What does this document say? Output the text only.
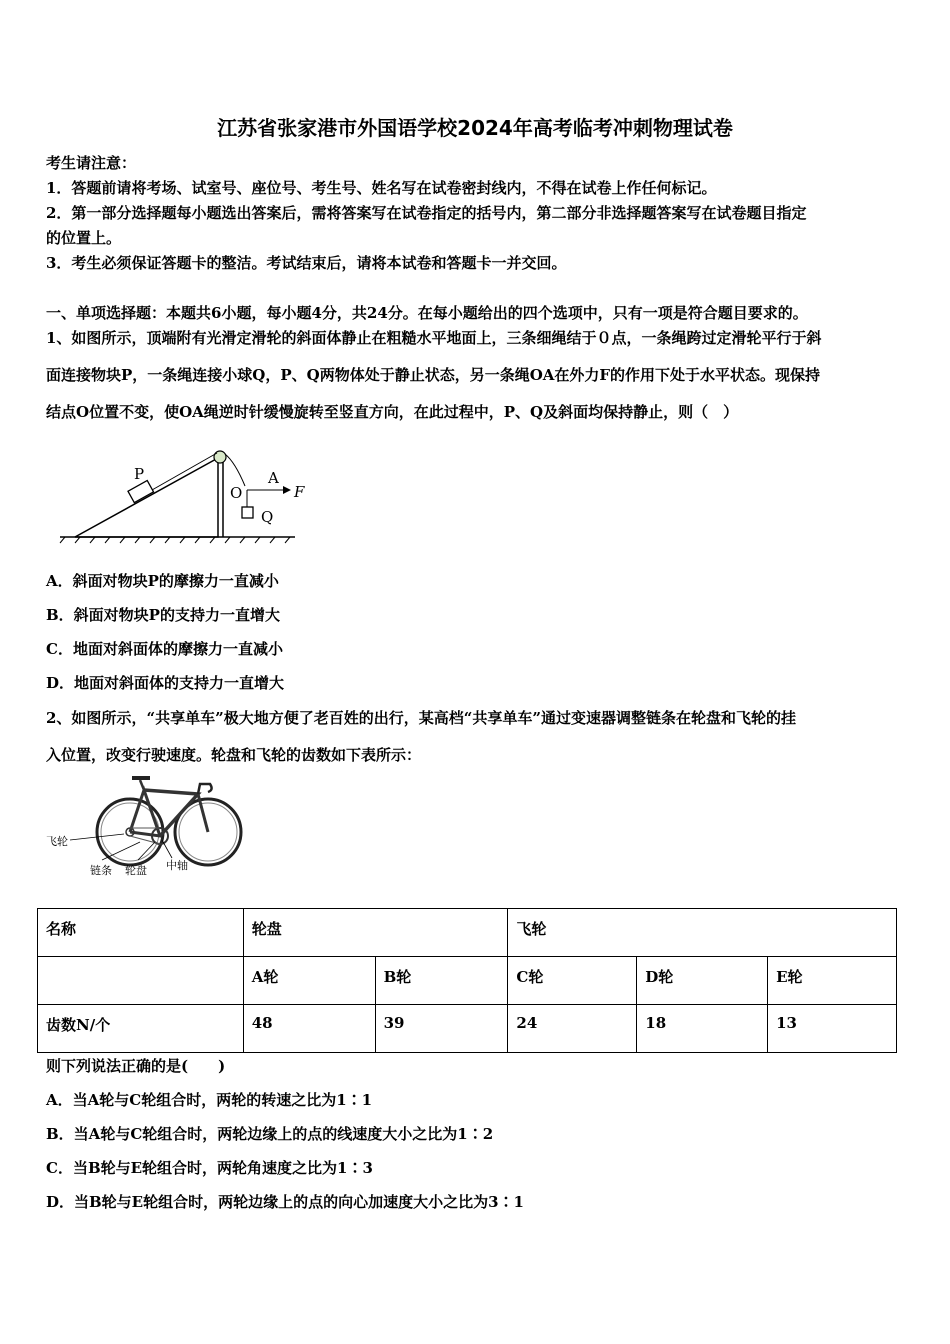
江苏省张家港市外国语学校2024年高考临考冲刺物理试卷
考生请注意：
1．答题前请将考场、试室号、座位号、考生号、姓名写在试卷密封线内，不得在试卷上作任何标记。
2．第一部分选择题每小题选出答案后，需将答案写在试卷指定的括号内，第二部分非选择题答案写在试卷题目指定
的位置上。
3．考生必须保证答题卡的整洁。考试结束后，请将本试卷和答题卡一并交回。
一、单项选择题：本题共6小题，每小题4分，共24分。在每小题给出的四个选项中，只有一项是符合题目要求的。
1、如图所示，顶端附有光滑定滑轮的斜面体静止在粗糙水平地面上，三条细绳结于０点，一条绳跨过定滑轮平行于斜
面连接物块P，一条绳连接小球Q，P、Q两物体处于静止状态，另一条绳OA在外力F的作用下处于水平状态。现保持
结点O位置不变，使OA绳逆时针缓慢旋转至竖直方向，在此过程中，P、Q及斜面均保持静止，则（　）
P
O
A
F
Q
A．斜面对物块P的摩擦力一直减小
B．斜面对物块P的支持力一直增大
C．地面对斜面体的摩擦力一直减小
D．地面对斜面体的支持力一直增大
2、如图所示，“共享单车”极大地方便了老百姓的出行，某高档“共享单车”通过变速器调整链条在轮盘和飞轮的挂
入位置，改变行驶速度。轮盘和飞轮的齿数如下表所示：
飞轮
链条 轮盘 中轴
名称	轮盘		飞轮		
	A轮	B轮	C轮	D轮	E轮
齿数N/个	48	39	24	18	13
则下列说法正确的是(　　)
A．当A轮与C轮组合时，两轮的转速之比为1∶1
B．当A轮与C轮组合时，两轮边缘上的点的线速度大小之比为1∶2
C．当B轮与E轮组合时，两轮角速度之比为1∶3
D．当B轮与E轮组合时，两轮边缘上的点的向心加速度大小之比为3∶1
